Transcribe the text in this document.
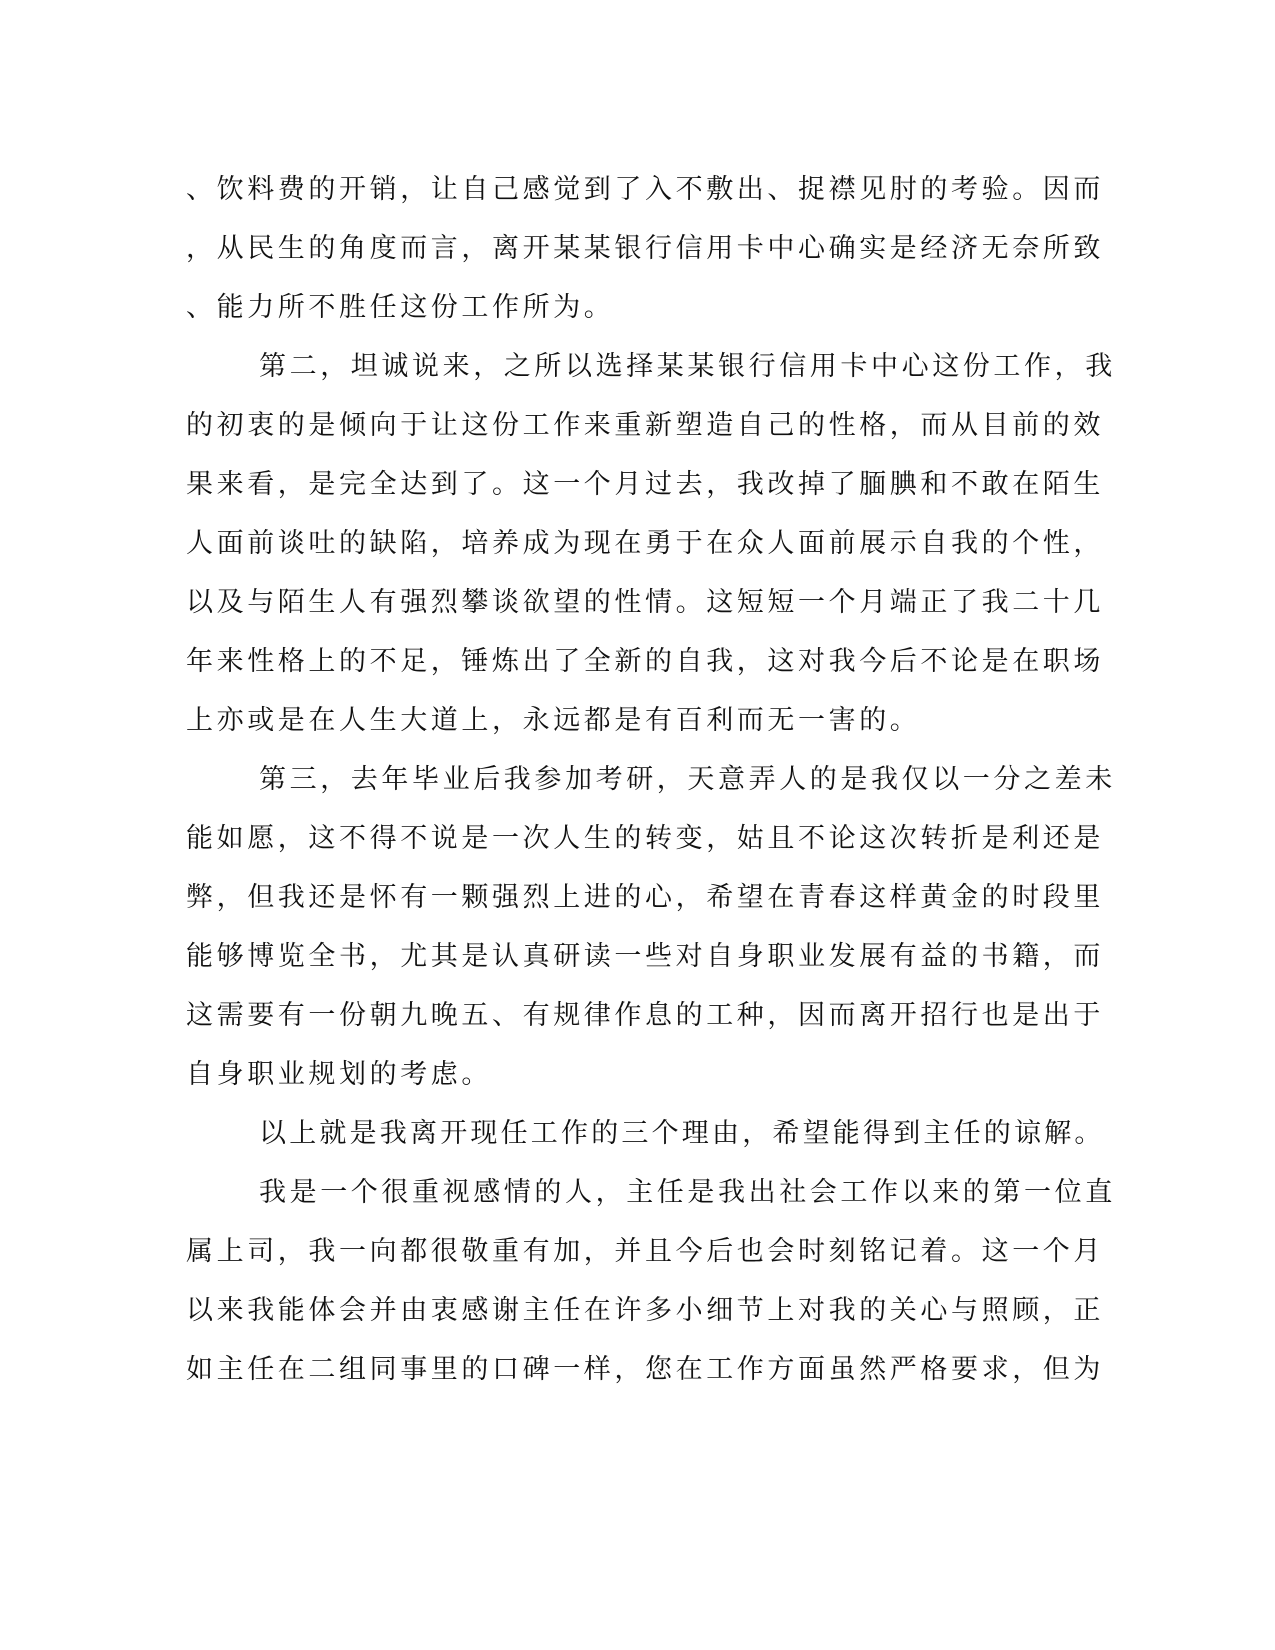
、饮料费的开销，让自己感觉到了入不敷出、捉襟见肘的考验。因而
，从民生的角度而言，离开某某银行信用卡中心确实是经济无奈所致
、能力所不胜任这份工作所为。
第二，坦诚说来，之所以选择某某银行信用卡中心这份工作，我
的初衷的是倾向于让这份工作来重新塑造自己的性格，而从目前的效
果来看，是完全达到了。这一个月过去，我改掉了腼腆和不敢在陌生
人面前谈吐的缺陷，培养成为现在勇于在众人面前展示自我的个性，
以及与陌生人有强烈攀谈欲望的性情。这短短一个月端正了我二十几
年来性格上的不足，锤炼出了全新的自我，这对我今后不论是在职场
上亦或是在人生大道上，永远都是有百利而无一害的。
第三，去年毕业后我参加考研，天意弄人的是我仅以一分之差未
能如愿，这不得不说是一次人生的转变，姑且不论这次转折是利还是
弊，但我还是怀有一颗强烈上进的心，希望在青春这样黄金的时段里
能够博览全书，尤其是认真研读一些对自身职业发展有益的书籍，而
这需要有一份朝九晚五、有规律作息的工种，因而离开招行也是出于
自身职业规划的考虑。
以上就是我离开现任工作的三个理由，希望能得到主任的谅解。
我是一个很重视感情的人，主任是我出社会工作以来的第一位直
属上司，我一向都很敬重有加，并且今后也会时刻铭记着。这一个月
以来我能体会并由衷感谢主任在许多小细节上对我的关心与照顾，正
如主任在二组同事里的口碑一样，您在工作方面虽然严格要求，但为
